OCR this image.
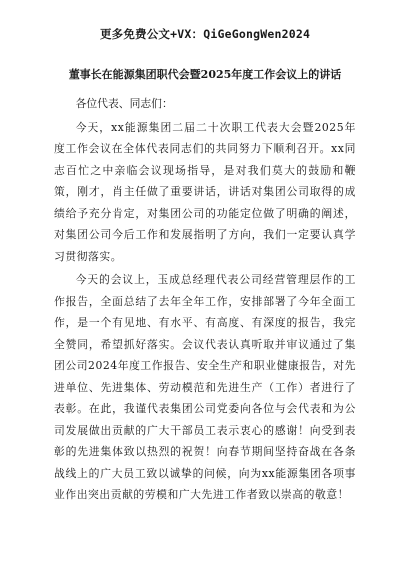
更多免费公文+VX：QiGeGongWen2024
董事长在能源集团职代会暨2025年度工作会议上的讲话
各位代表、同志们：

今天，xx能源集团二届二十次职工代表大会暨2025年度工作会议在全体代表同志们的共同努力下顺利召开。xx同志百忙之中亲临会议现场指导，是对我们莫大的鼓励和鞭策，刚才，肖主任做了重要讲话，讲话对集团公司取得的成绩给予充分肯定，对集团公司的功能定位做了明确的阐述，对集团公司今后工作和发展指明了方向，我们一定要认真学习贯彻落实。

今天的会议上，玉成总经理代表公司经营管理层作的工作报告，全面总结了去年全年工作，安排部署了今年全面工作，是一个有见地、有水平、有高度、有深度的报告，我完全赞同，希望抓好落实。会议代表认真听取并审议通过了集团公司2024年度工作报告、安全生产和职业健康报告，对先进单位、先进集体、劳动模范和先进生产（工作）者进行了表彰。在此，我谨代表集团公司党委向各位与会代表和为公司发展做出贡献的广大干部员工表示衷心的感谢！向受到表彰的先进集体致以热烈的祝贺！向春节期间坚持奋战在各条战线上的广大员工致以诚挚的问候，向为xx能源集团各项事业作出突出贡献的劳模和广大先进工作者致以崇高的敬意！
